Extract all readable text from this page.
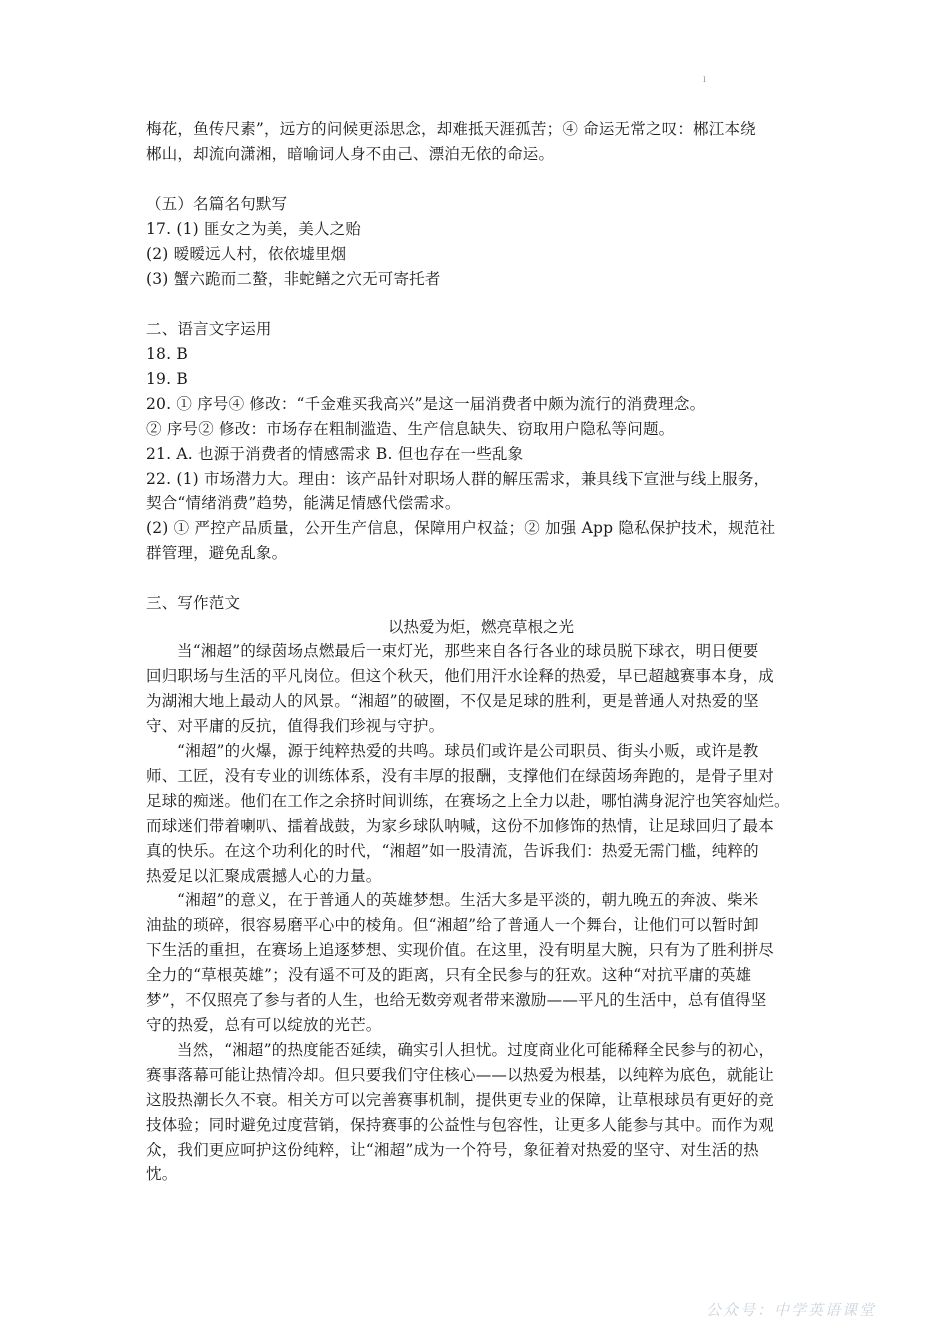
I
梅花，鱼传尺素”，远方的问候更添思念，却难抵天涯孤苦；④ 命运无常之叹：郴江本绕
郴山，却流向潇湘，暗喻词人身不由己、漂泊无依的命运。
（五）名篇名句默写
17. (1) 匪女之为美，美人之贻
(2) 暧暧远人村，依依墟里烟
(3) 蟹六跪而二螯，非蛇鳝之穴无可寄托者
二、语言文字运用
18. B
19. B
20. ① 序号④ 修改：“千金难买我高兴”是这一届消费者中颇为流行的消费理念。
② 序号② 修改：市场存在粗制滥造、生产信息缺失、窃取用户隐私等问题。
21. A. 也源于消费者的情感需求 B. 但也存在一些乱象
22. (1) 市场潜力大。理由：该产品针对职场人群的解压需求，兼具线下宣泄与线上服务，
契合“情绪消费”趋势，能满足情感代偿需求。
(2) ① 严控产品质量，公开生产信息，保障用户权益；② 加强 App 隐私保护技术，规范社
群管理，避免乱象。
三、写作范文
以热爱为炬，燃亮草根之光
当“湘超”的绿茵场点燃最后一束灯光，那些来自各行各业的球员脱下球衣，明日便要
回归职场与生活的平凡岗位。但这个秋天，他们用汗水诠释的热爱，早已超越赛事本身，成
为湖湘大地上最动人的风景。“湘超”的破圈，不仅是足球的胜利，更是普通人对热爱的坚
守、对平庸的反抗，值得我们珍视与守护。
“湘超”的火爆，源于纯粹热爱的共鸣。球员们或许是公司职员、街头小贩，或许是教
师、工匠，没有专业的训练体系，没有丰厚的报酬，支撑他们在绿茵场奔跑的，是骨子里对
足球的痴迷。他们在工作之余挤时间训练，在赛场之上全力以赴，哪怕满身泥泞也笑容灿烂。
而球迷们带着喇叭、擂着战鼓，为家乡球队呐喊，这份不加修饰的热情，让足球回归了最本
真的快乐。在这个功利化的时代，“湘超”如一股清流，告诉我们：热爱无需门槛，纯粹的
热爱足以汇聚成震撼人心的力量。
“湘超”的意义，在于普通人的英雄梦想。生活大多是平淡的，朝九晚五的奔波、柴米
油盐的琐碎，很容易磨平心中的棱角。但“湘超”给了普通人一个舞台，让他们可以暂时卸
下生活的重担，在赛场上追逐梦想、实现价值。在这里，没有明星大腕，只有为了胜利拼尽
全力的“草根英雄”；没有遥不可及的距离，只有全民参与的狂欢。这种“对抗平庸的英雄
梦”，不仅照亮了参与者的人生，也给无数旁观者带来激励——平凡的生活中，总有值得坚
守的热爱，总有可以绽放的光芒。
当然，“湘超”的热度能否延续，确实引人担忧。过度商业化可能稀释全民参与的初心，
赛事落幕可能让热情冷却。但只要我们守住核心——以热爱为根基，以纯粹为底色，就能让
这股热潮长久不衰。相关方可以完善赛事机制，提供更专业的保障，让草根球员有更好的竞
技体验；同时避免过度营销，保持赛事的公益性与包容性，让更多人能参与其中。而作为观
众，我们更应呵护这份纯粹，让“湘超”成为一个符号，象征着对热爱的坚守、对生活的热
忱。
公众号：中学英语课堂
